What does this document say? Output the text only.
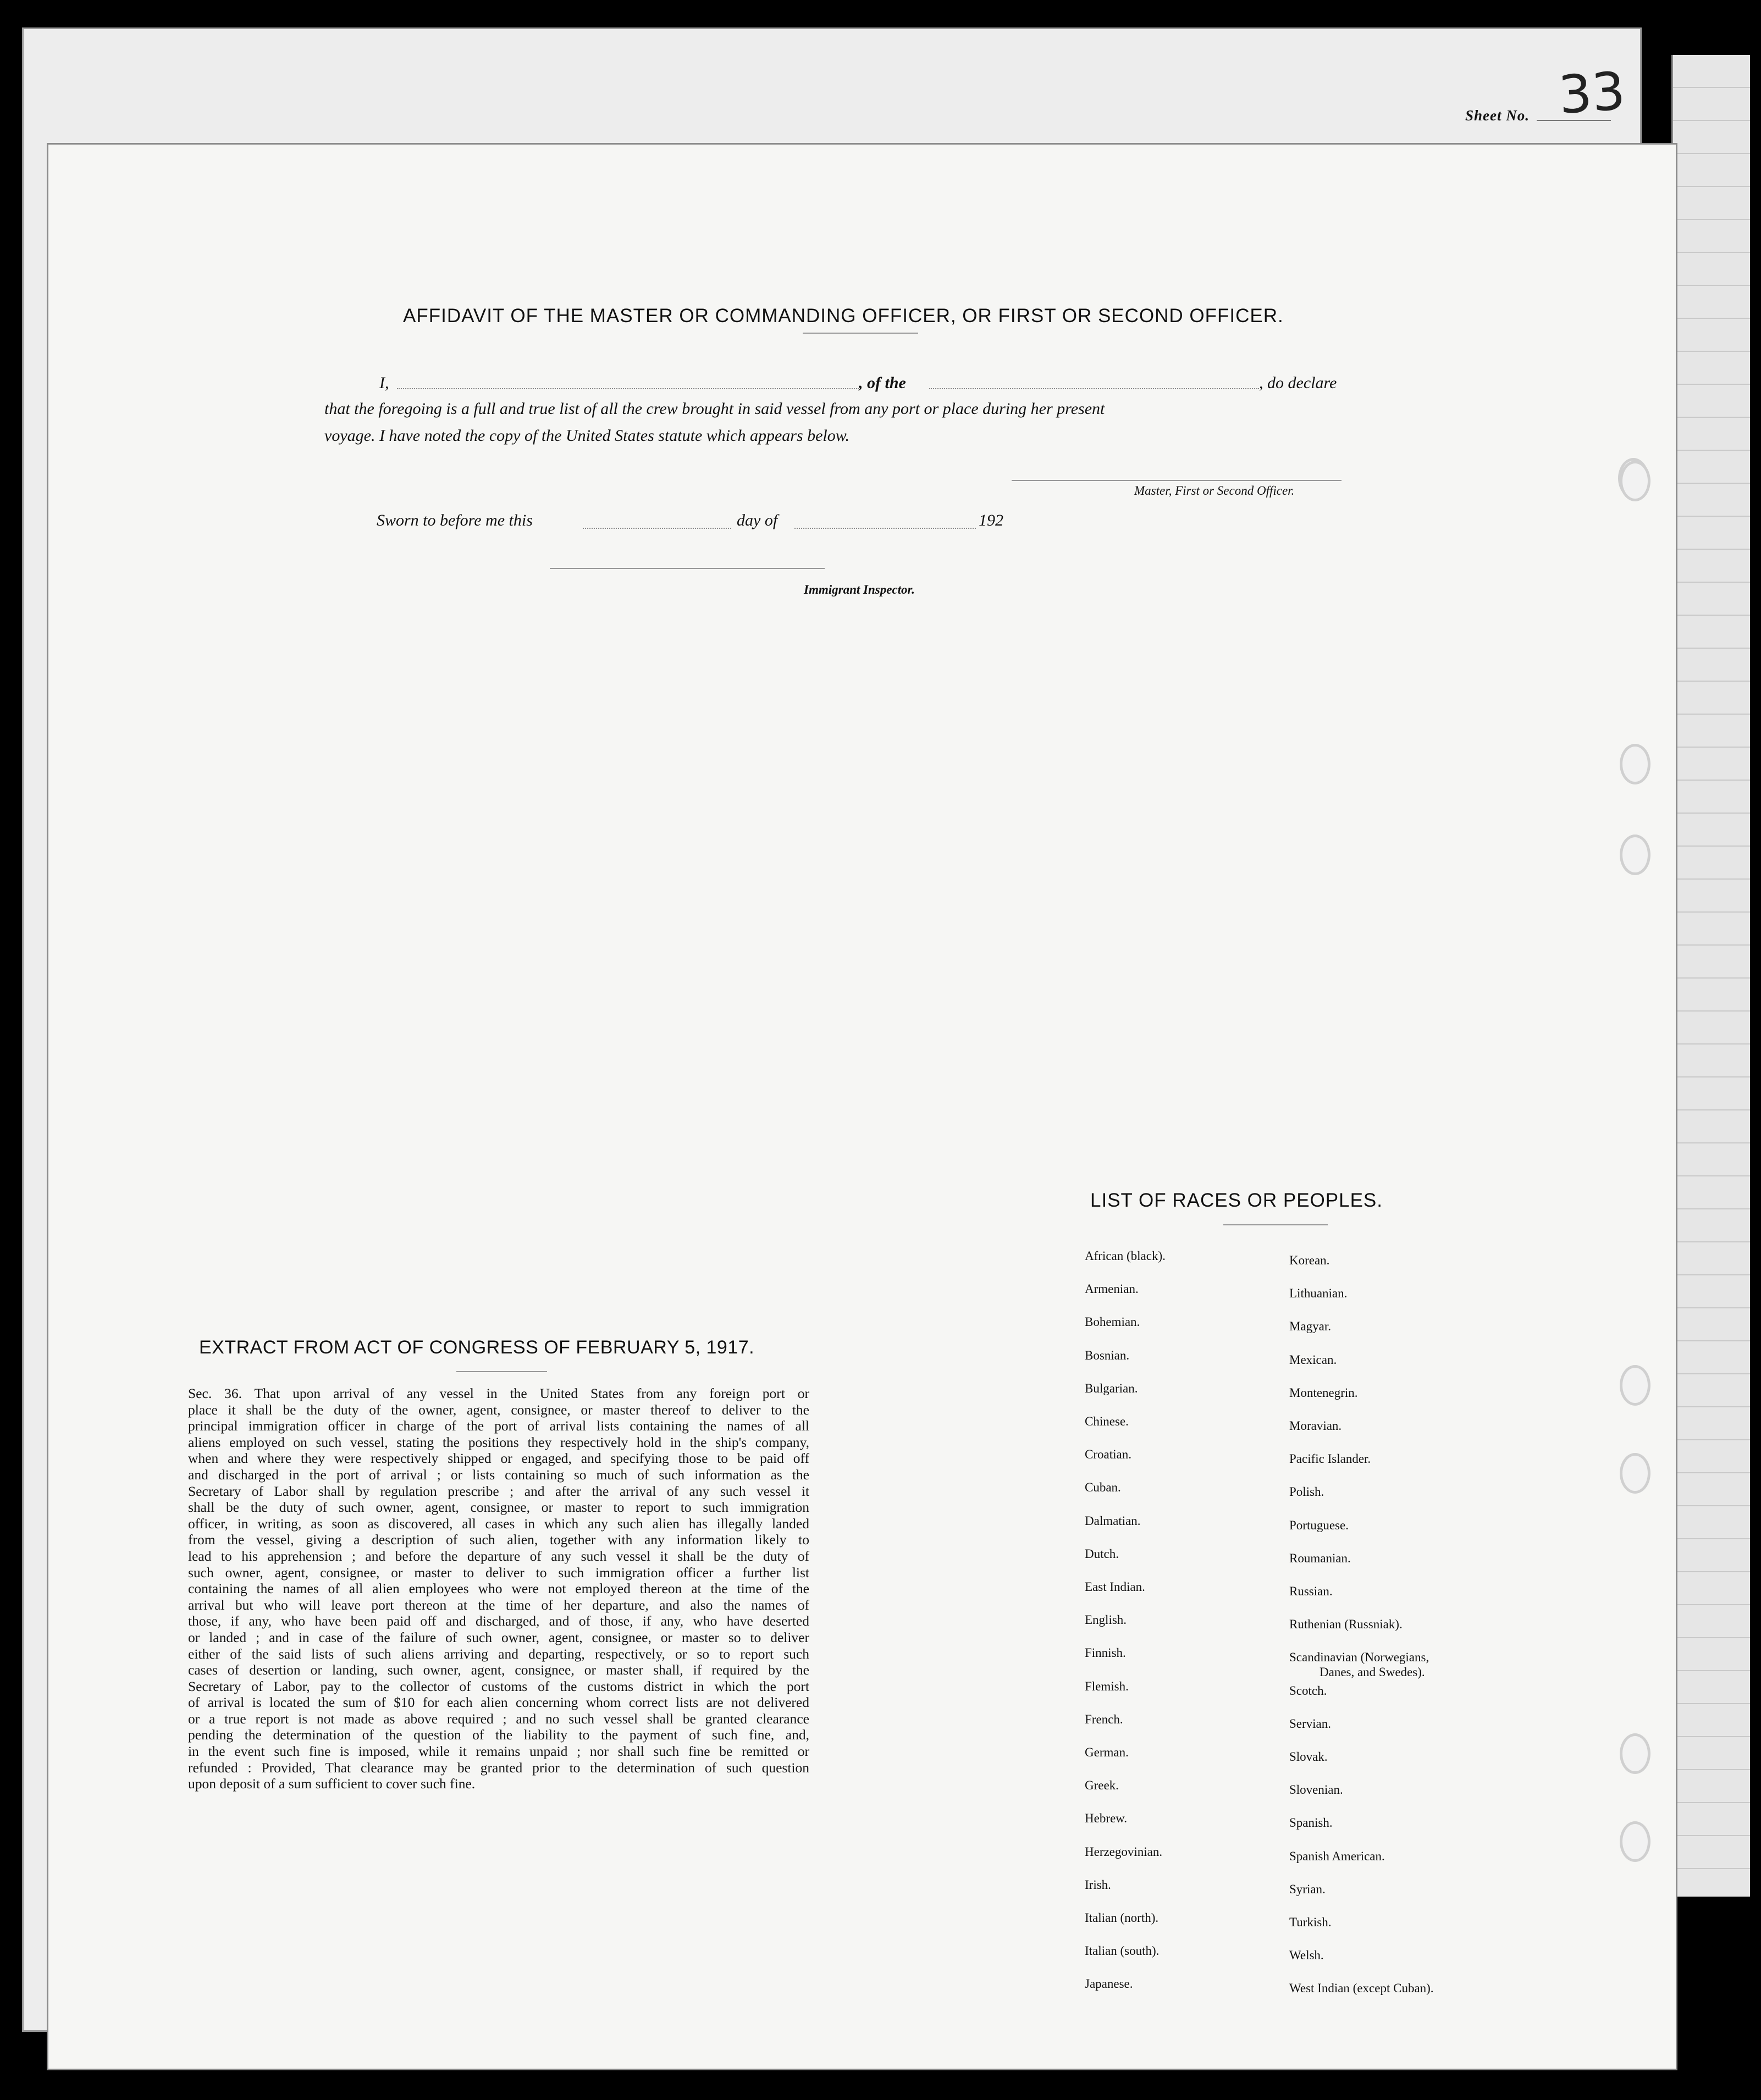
Sheet No. 33
AFFIDAVIT OF THE MASTER OR COMMANDING OFFICER, OR FIRST OR SECOND OFFICER.
I,	, of the	, do declare
that the foregoing is a full and true list of all the crew brought in said vessel from any port or place during her present
voyage. I have noted the copy of the United States statute which appears below.
Master, First or Second Officer.
Sworn to before me this	day of	192
Immigrant Inspector.
EXTRACT FROM ACT OF CONGRESS OF FEBRUARY 5, 1917.
Sec. 36. That upon arrival of any vessel in the United States from any foreign port or
place it shall be the duty of the owner, agent, consignee, or master thereof to deliver to the
principal immigration officer in charge of the port of arrival lists containing the names of all
aliens employed on such vessel, stating the positions they respectively hold in the ship's company,
when and where they were respectively shipped or engaged, and specifying those to be paid off
and discharged in the port of arrival ; or lists containing so much of such information as the
Secretary of Labor shall by regulation prescribe ; and after the arrival of any such vessel it
shall be the duty of such owner, agent, consignee, or master to report to such immigration
officer, in writing, as soon as discovered, all cases in which any such alien has illegally landed
from the vessel, giving a description of such alien, together with any information likely to
lead to his apprehension ; and before the departure of any such vessel it shall be the duty of
such owner, agent, consignee, or master to deliver to such immigration officer a further list
containing the names of all alien employees who were not employed thereon at the time of the
arrival but who will leave port thereon at the time of her departure, and also the names of
those, if any, who have been paid off and discharged, and of those, if any, who have deserted
or landed ; and in case of the failure of such owner, agent, consignee, or master so to deliver
either of the said lists of such aliens arriving and departing, respectively, or so to report such
cases of desertion or landing, such owner, agent, consignee, or master shall, if required by the
Secretary of Labor, pay to the collector of customs of the customs district in which the port
of arrival is located the sum of $10 for each alien concerning whom correct lists are not delivered
or a true report is not made as above required ; and no such vessel shall be granted clearance
pending the determination of the question of the liability to the payment of such fine, and,
in the event such fine is imposed, while it remains unpaid ; nor shall such fine be remitted or
refunded : Provided, That clearance may be granted prior to the determination of such question
upon deposit of a sum sufficient to cover such fine.
LIST OF RACES OR PEOPLES.
African (black).
Armenian.
Bohemian.
Bosnian.
Bulgarian.
Chinese.
Croatian.
Cuban.
Dalmatian.
Dutch.
East Indian.
English.
Finnish.
Flemish.
French.
German.
Greek.
Hebrew.
Herzegovinian.
Irish.
Italian (north).
Italian (south).
Japanese.
Korean.
Lithuanian.
Magyar.
Mexican.
Montenegrin.
Moravian.
Pacific Islander.
Polish.
Portuguese.
Roumanian.
Russian.
Ruthenian (Russniak).
Scandinavian (Norwegians,
Danes, and Swedes).
Scotch.
Servian.
Slovak.
Slovenian.
Spanish.
Spanish American.
Syrian.
Turkish.
Welsh.
West Indian (except Cuban).
